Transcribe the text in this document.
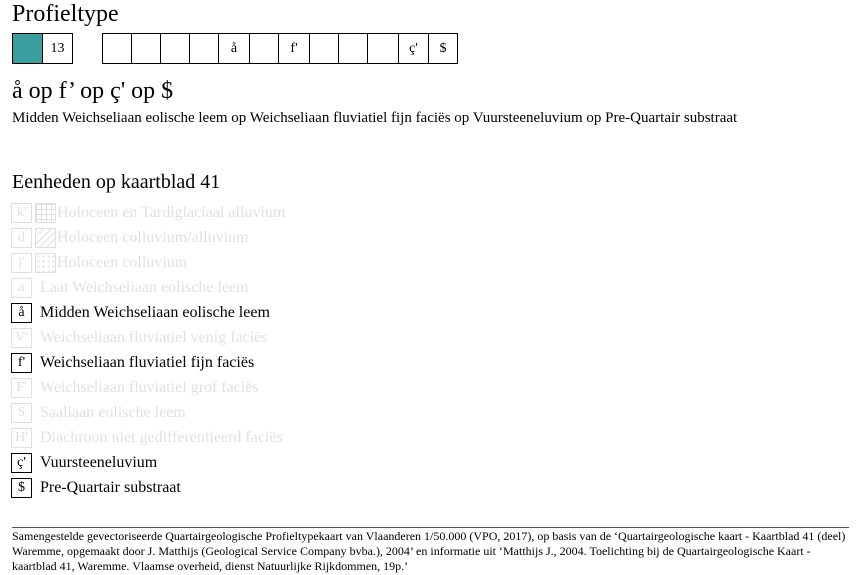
Profieltype
13	å	f'	ç'	$
å op f’ op ç' op $
Midden Weichseliaan eolische leem op Weichseliaan fluviatiel fijn faciës op Vuursteeneluvium op Pre-Quartair substraat
Eenheden op kaartblad 41
k'	Holoceen en Tardiglaciaal alluvium
d	Holoceen colluvium/alluvium
j'	Holoceen colluvium
a Laat Weichseliaan eolische leem
å Midden Weichseliaan eolische leem
V' Weichseliaan fluviatiel venig faciës
f' Weichseliaan fluviatiel fijn faciës
F' Weichseliaan fluviatiel grof faciës
S Saaliaan eolische leem
H' Diachroon niet gedifferentieerd faciës
ç' Vuursteeneluvium
$ Pre-Quartair substraat
Samengestelde gevectoriseerde Quartairgeologische Profieltypekaart van Vlaanderen 1/50.000 (VPO, 2017), op basis van de ‘Quartairgeologische kaart - Kaartblad 41 (deel) Waremme, opgemaakt door J. Matthijs (Geological Service Company bvba.), 2004’ en informatie uit ‘Matthijs J., 2004. Toelichting bij de Quartairgeologische Kaart - kaartblad 41, Waremme. Vlaamse overheid, dienst Natuurlijke Rijkdommen, 19p.’
